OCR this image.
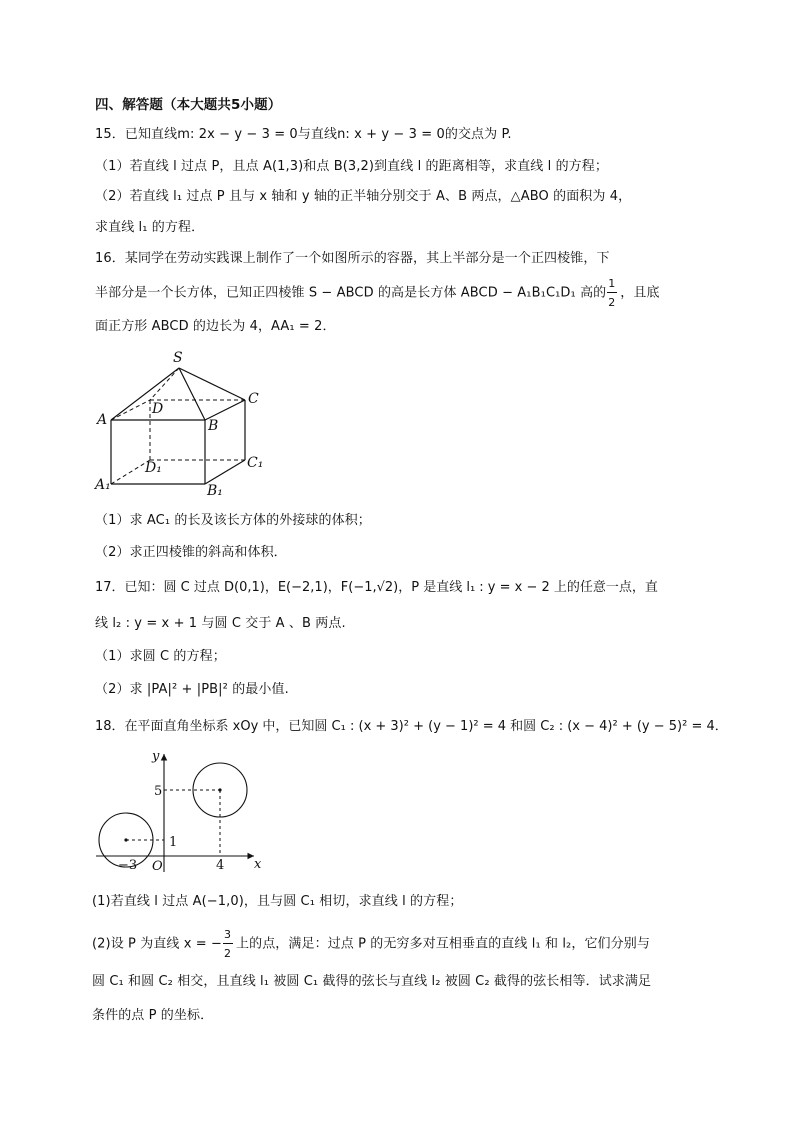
四、解答题（本大题共5小题）
15．已知直线m: 2x − y − 3 = 0与直线n: x + y − 3 = 0的交点为 P.
（1）若直线 l 过点 P，且点 A(1,3)和点 B(3,2)到直线 l 的距离相等，求直线 l 的方程；
（2）若直线 l₁ 过点 P 且与 x 轴和 y 轴的正半轴分别交于 A、B 两点，△ABO 的面积为 4，
求直线 l₁ 的方程．
16．某同学在劳动实践课上制作了一个如图所示的容器，其上半部分是一个正四棱锥，下
半部分是一个长方体，已知正四棱锥 S − ABCD 的高是长方体 ABCD − A₁B₁C₁D₁ 高的 $\frac{1}{2}$ ，且底
面正方形 ABCD 的边长为 4，AA₁ = 2．
S
A	B
C
D
A₁	B₁
C₁
D₁
（1）求 AC₁ 的长及该长方体的外接球的体积；
（2）求正四棱锥的斜高和体积．
17．已知：圆 C 过点 D(0,1)，E(−2,1)，F(−1,√2)，P 是直线 l₁ : y = x − 2 上的任意一点，直
线 l₂ : y = x + 1 与圆 C 交于 A 、B 两点.
（1）求圆 C 的方程；
（2）求 |PA|² + |PB|² 的最小值.
18．在平面直角坐标系 xOy 中，已知圆 C₁ : (x + 3)² + (y − 1)² = 4 和圆 C₂ : (x − 4)² + (y − 5)² = 4．
y
x
O
5
1
−3	4
(1)若直线 l 过点 A(−1,0)，且与圆 C₁ 相切，求直线 l 的方程；
(2)设 P 为直线 x = − $\frac{3}{2}$ 上的点，满足：过点 P 的无穷多对互相垂直的直线 l₁ 和 l₂，它们分别与
圆 C₁ 和圆 C₂ 相交，且直线 l₁ 被圆 C₁ 截得的弦长与直线 l₂ 被圆 C₂ 截得的弦长相等．试求满足
条件的点 P 的坐标．
